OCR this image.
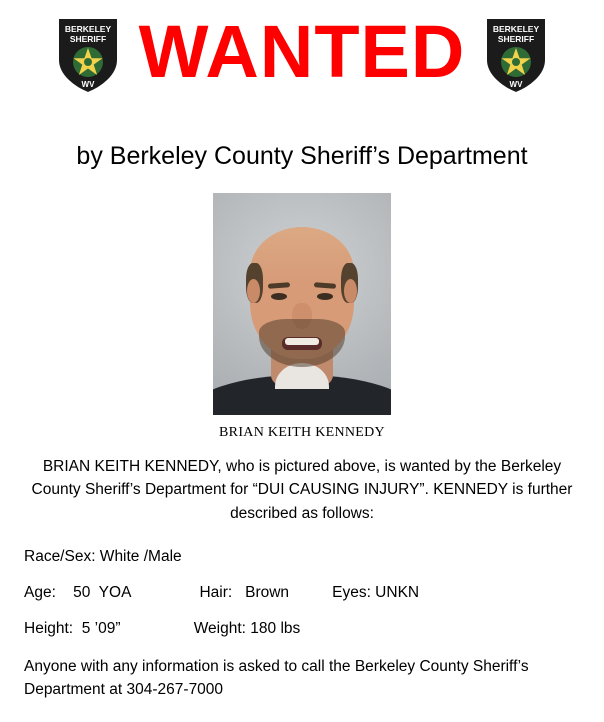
BERKELEY
SHERIFF
WV WANTED	BERKELEY
SHERIFF
WV
by Berkeley County Sheriff’s Department
BRIAN KEITH KENNEDY
BRIAN KEITH KENNEDY, who is pictured above, is wanted by the Berkeley County Sheriff’s Department for “DUI CAUSING INJURY”. KENNEDY is further described as follows:
Race/Sex: White /Male
Age:    50  YOA                Hair:   Brown          Eyes: UNKN
Height:  5 ’09”                 Weight: 180 lbs
Anyone with any information is asked to call the Berkeley County Sheriff’s Department at 304-267-7000
